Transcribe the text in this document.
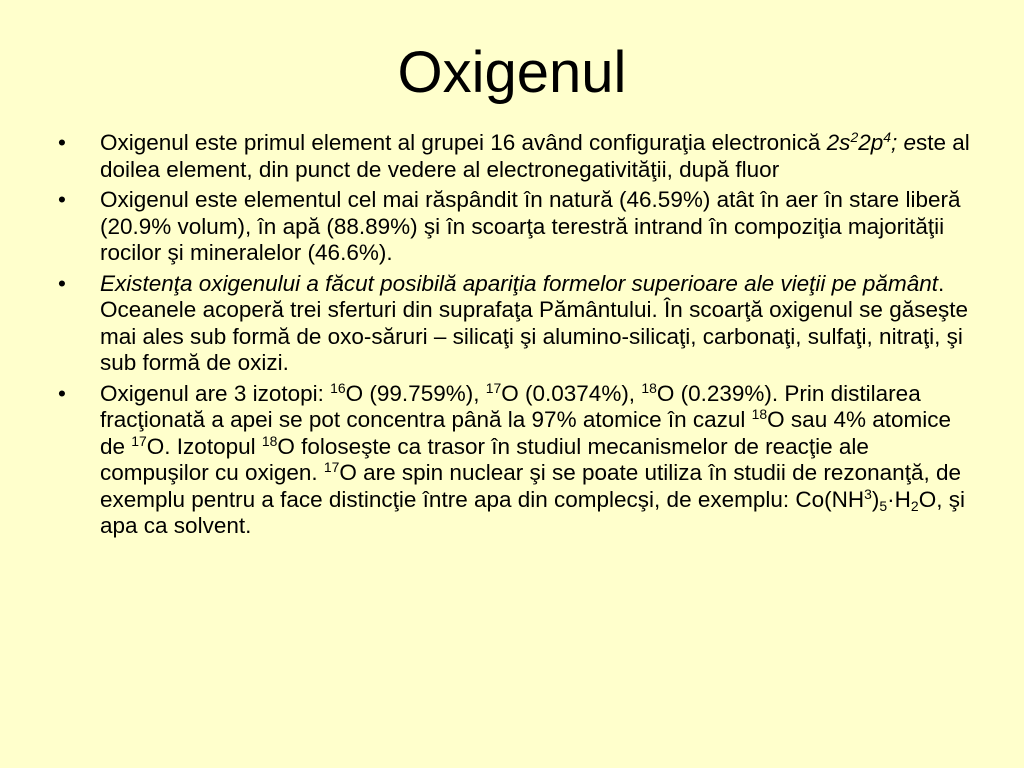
Oxigenul
• Oxigenul este primul element al grupei 16 având configuraţia electronică $2s^22p^4$; este al doilea element, din punct de vedere al electronegativităţii, după fluor
• Oxigenul este elementul cel mai răspândit în natură (46.59%) atât în aer în stare liberă (20.9% volum), în apă (88.89%) şi în scoarţa terestră intrand în compoziţia majorităţii rocilor şi mineralelor (46.6%).
• Existenţa oxigenului a făcut posibilă apariţia formelor superioare ale vieţii pe pământ. Oceanele acoperă trei sferturi din suprafaţa Pământului. În scoarţă oxigenul se găseşte mai ales sub formă de oxo-săruri – silicaţi şi alumino-silicaţi, carbonaţi, sulfaţi, nitraţi, şi sub formă de oxizi.
• Oxigenul are 3 izotopi: $^{16}$O (99.759%), $^{17}$O (0.0374%), $^{18}$O (0.239%). Prin distilarea fracţionată a apei se pot concentra până la 97% atomice în cazul $^{18}$O sau 4% atomice de $^{17}$O. Izotopul $^{18}$O foloseşte ca trasor în studiul mecanismelor de reacţie ale compuşilor cu oxigen. $^{17}$O are spin nuclear şi se poate utiliza în studii de rezonanţă, de exemplu pentru a face distincţie între apa din complecşi, de exemplu: $Co(NH^3)_5\cdot H_2O$, şi apa ca solvent.
